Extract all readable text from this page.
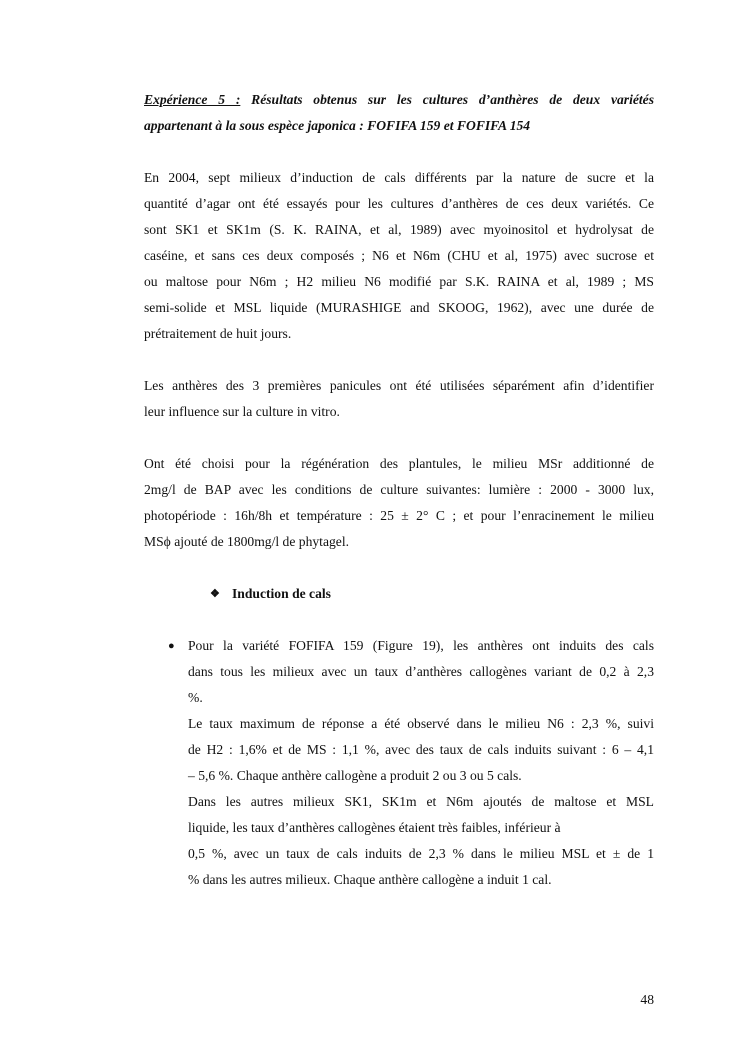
Expérience 5 : Résultats obtenus sur les cultures d’anthères de deux variétés
appartenant à la sous espèce japonica : FOFIFA 159 et FOFIFA 154
En 2004, sept milieux d’induction de cals différents par la nature de sucre et la
quantité d’agar ont été essayés pour les cultures d’anthères de ces deux variétés. Ce
sont SK1 et SK1m (S. K. RAINA, et al, 1989) avec myoinositol et hydrolysat de
caséine, et sans ces deux composés ; N6 et N6m (CHU et al, 1975) avec sucrose et
ou maltose pour N6m ; H2 milieu N6 modifié par S.K. RAINA et al, 1989 ; MS
semi-solide et MSL liquide (MURASHIGE and SKOOG, 1962), avec une durée de
prétraitement de huit jours.
Les anthères des 3 premières panicules ont été utilisées séparément afin d’identifier
leur influence sur la culture in vitro.
Ont été choisi pour la régénération des plantules, le milieu MSr additionné de
2mg/l de BAP avec les conditions de culture suivantes: lumière : 2000 - 3000 lux,
photopériode : 16h/8h et température : 25 ± 2° C ; et pour l’enracinement le milieu
MSϕ ajouté de 1800mg/l de phytagel.
❖ Induction de cals
● Pour la variété FOFIFA 159 (Figure 19), les anthères ont induits des cals
dans tous les milieux avec un taux d’anthères callogènes variant de 0,2 à 2,3
%.
Le taux maximum de réponse a été observé dans le milieu N6 : 2,3 %, suivi
de H2 : 1,6% et de MS : 1,1 %, avec des taux de cals induits suivant : 6 – 4,1
– 5,6 %. Chaque anthère callogène a produit 2 ou 3 ou 5 cals.
Dans les autres milieux SK1, SK1m et N6m ajoutés de maltose et MSL
liquide, les taux d’anthères callogènes étaient très faibles, inférieur à
0,5 %, avec un taux de cals induits de 2,3 % dans le milieu MSL et ± de 1
% dans les autres milieux. Chaque anthère callogène a induit 1 cal.
48
